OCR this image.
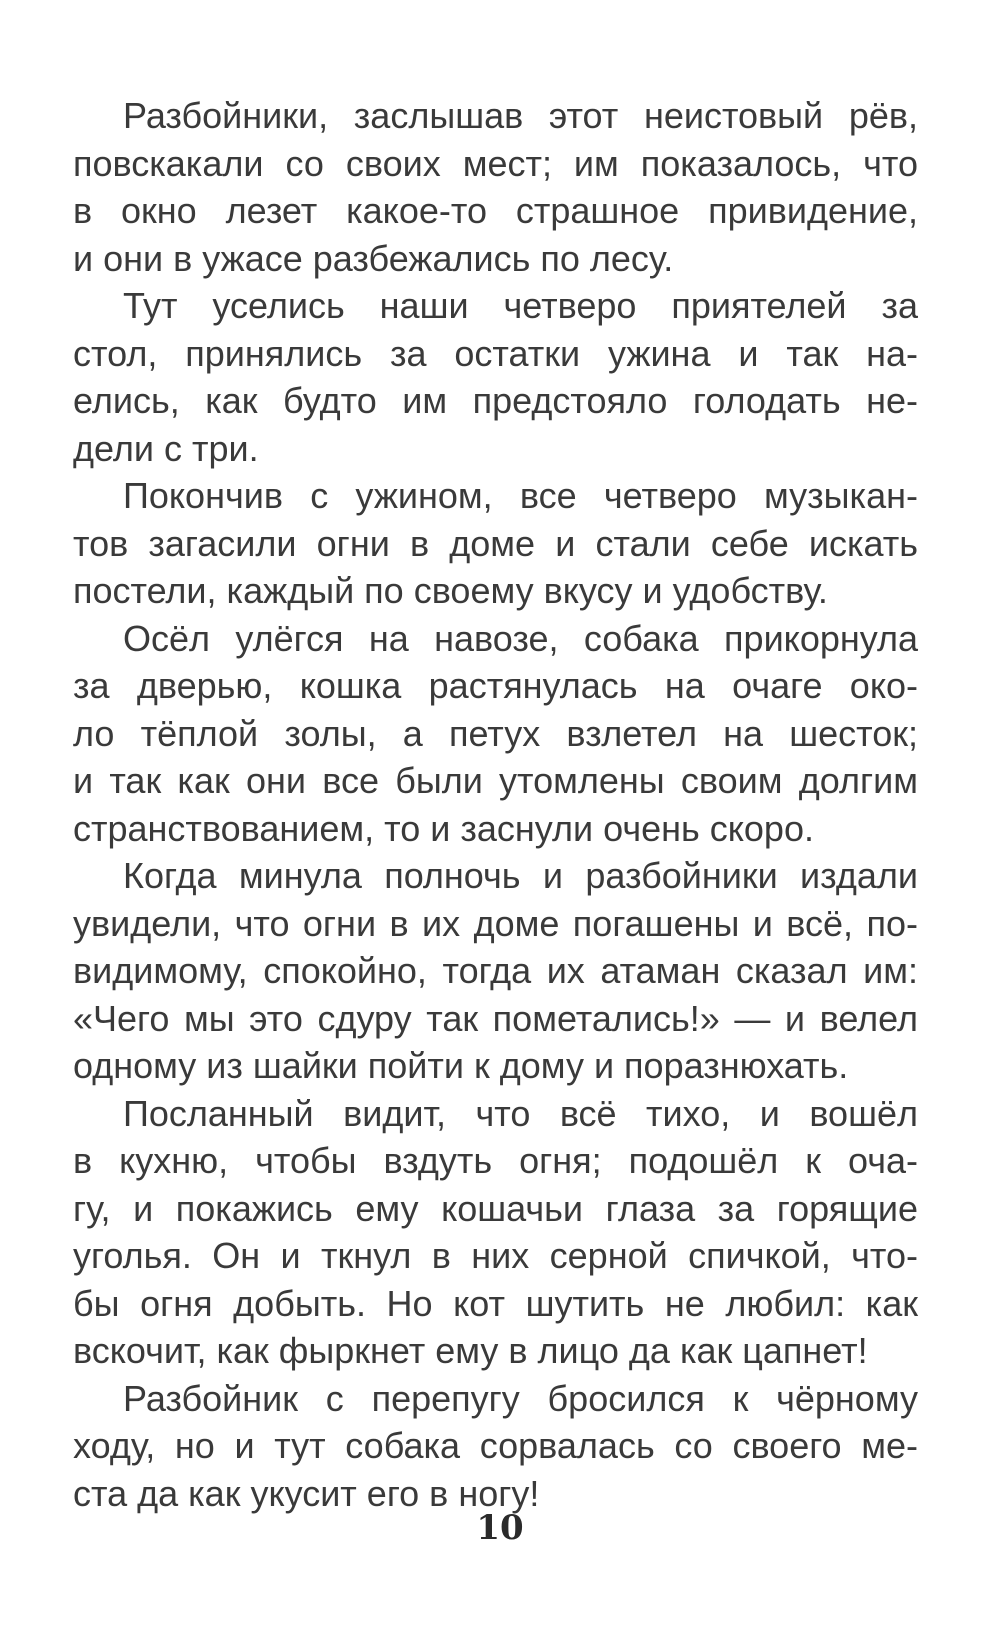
Разбойники, заслышав этот неистовый рёв,
повскакали со своих мест; им показалось, что
в окно лезет какое-то страшное привидение,
и они в ужасе разбежались по лесу.

Тут уселись наши четверо приятелей за
стол, принялись за остатки ужина и так на-
елись, как будто им предстояло голодать не-
дели с три.

Покончив с ужином, все четверо музыкан-
тов загасили огни в доме и стали себе искать
постели, каждый по своему вкусу и удобству.

Осёл улёгся на навозе, собака прикорнула
за дверью, кошка растянулась на очаге око-
ло тёплой золы, а петух взлетел на шесток;
и так как они все были утомлены своим долгим
странствованием, то и заснули очень скоро.

Когда минула полночь и разбойники издали
увидели, что огни в их доме погашены и всё, по-
видимому, спокойно, тогда их атаман сказал им:
«Чего мы это сдуру так пометались!» — и велел
одному из шайки пойти к дому и поразнюхать.

Посланный видит, что всё тихо, и вошёл
в кухню, чтобы вздуть огня; подошёл к оча-
гу, и покажись ему кошачьи глаза за горящие
уголья. Он и ткнул в них серной спичкой, что-
бы огня добыть. Но кот шутить не любил: как
вскочит, как фыркнет ему в лицо да как цапнет!

Разбойник с перепугу бросился к чёрному
ходу, но и тут собака сорвалась со своего ме-
ста да как укусит его в ногу!

10
